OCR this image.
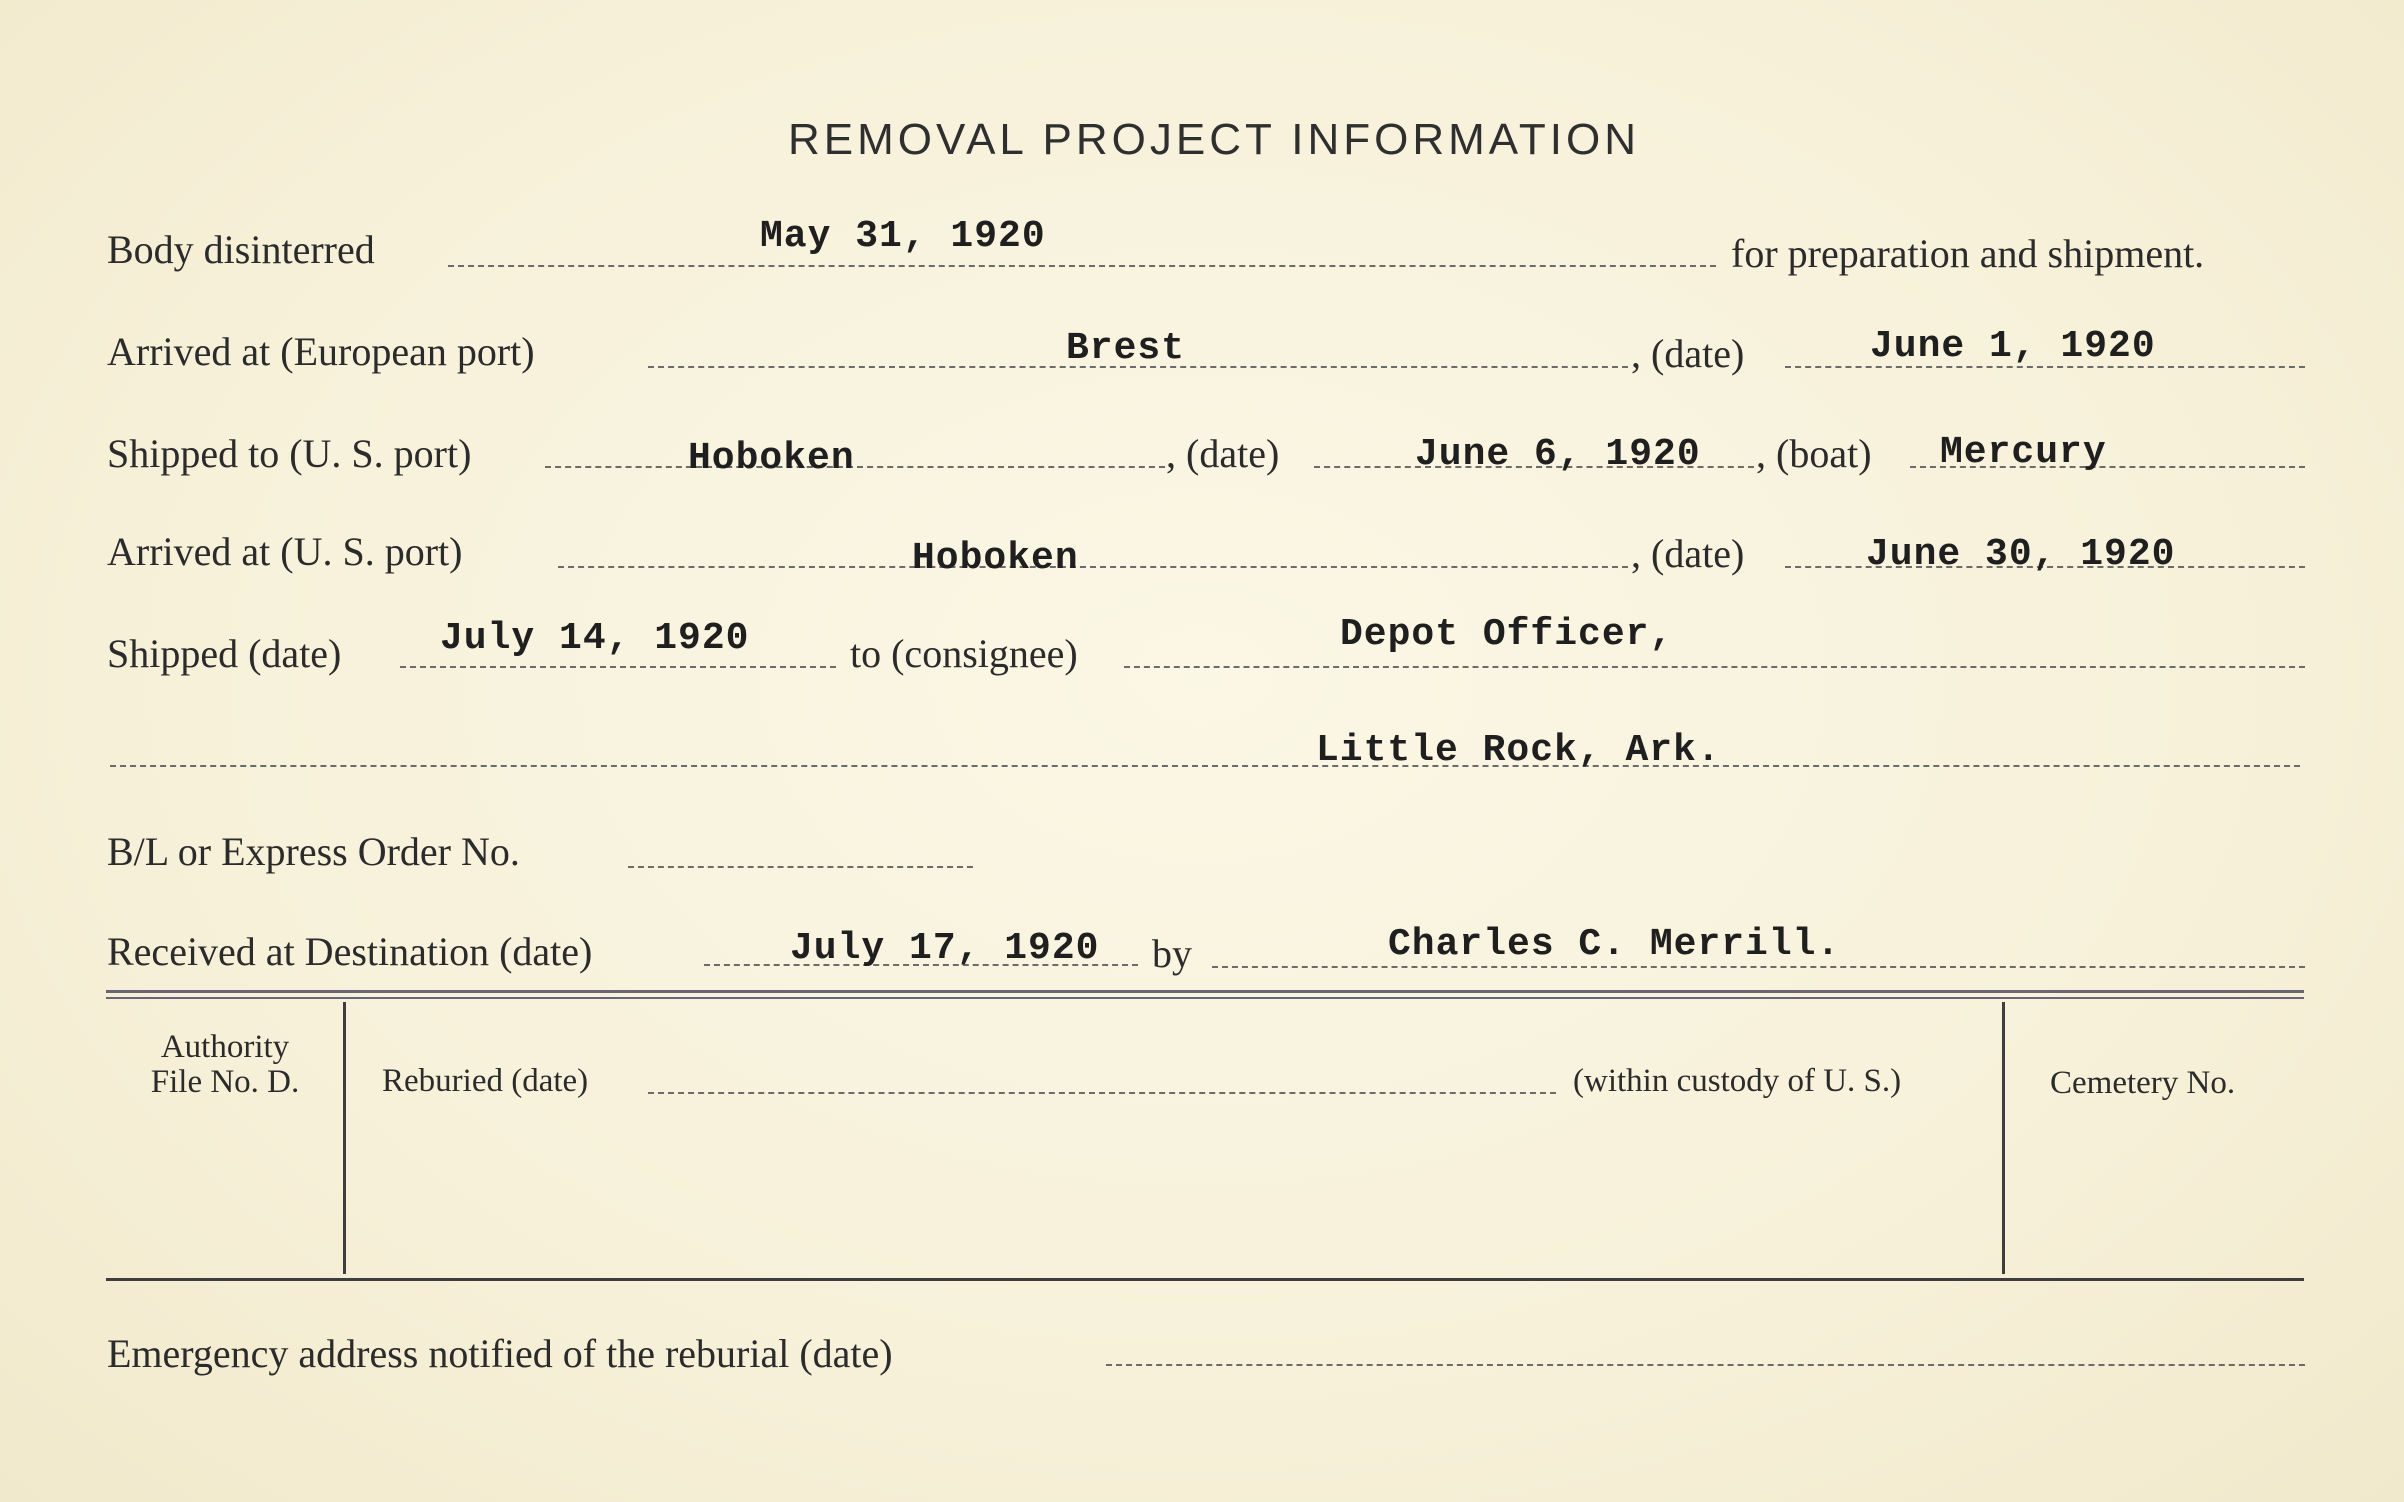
REMOVAL PROJECT INFORMATION
Body disinterred	May 31, 1920	for preparation and shipment.
Arrived at (European port)	Brest	, (date)	June 1, 1920
Shipped to (U. S. port)	Hoboken	, (date)	June 6, 1920 , (boat) Mercury
Arrived at (U. S. port)	Hoboken	, (date)	June 30, 1920
Shipped (date)	July 14, 1920	to (consignee)	Depot Officer,
Little Rock, Ark.
B/L or Express Order No.
Received at Destination (date)	July 17, 1920 by	Charles C. Merrill.
Authority
File No. D.	Reburied (date)	(within custody of U. S.)	Cemetery No.
Emergency address notified of the reburial (date)
